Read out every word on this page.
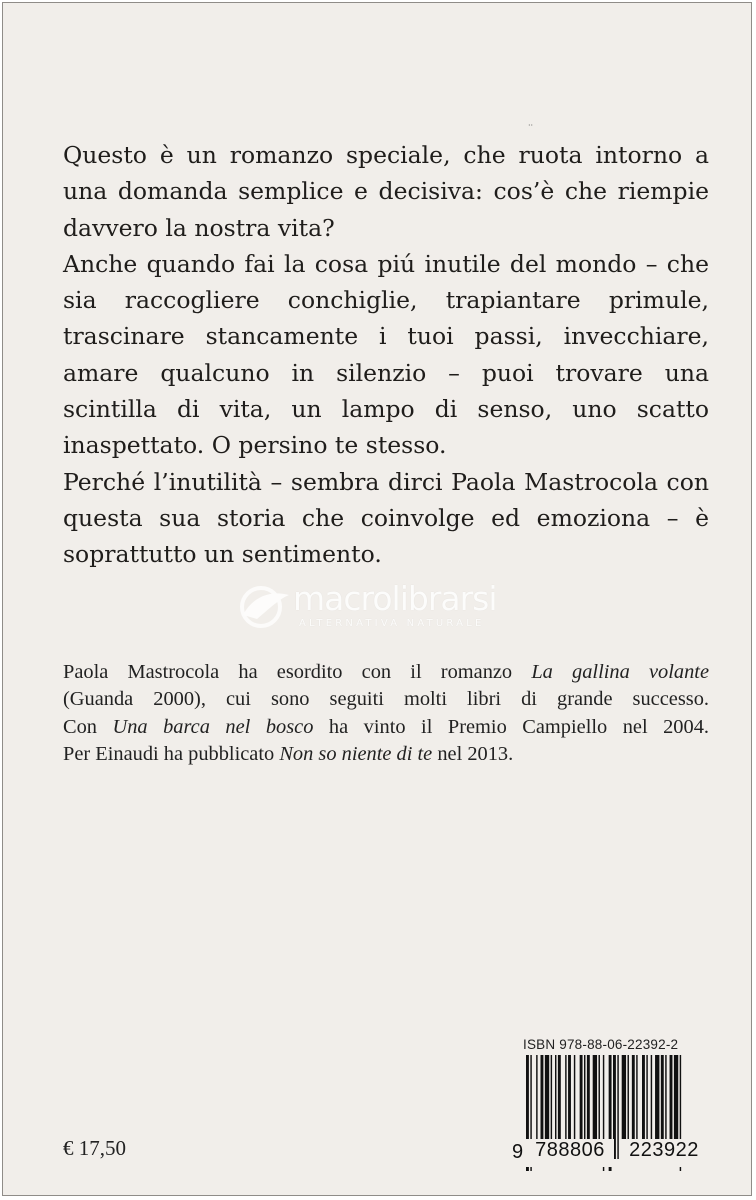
··

Questo è un romanzo speciale, che ruota intorno a una domanda semplice e decisiva: cos’è che riempie davvero la nostra vita?

Anche quando fai la cosa piú inutile del mondo – che sia raccogliere conchiglie, trapiantare primule, trascinare stancamente i tuoi passi, invecchiare, amare qualcuno in silenzio – puoi trovare una scintilla di vita, un lampo di senso, uno scatto inaspettato. O persino te stesso.

Perché l’inutilità – sembra dirci Paola Mastrocola con questa sua storia che coinvolge ed emoziona – è soprattutto un sentimento.

macrolibrarsi
ALTERNATIVA NATURALE
Paola Mastrocola ha esordito con il romanzo La gallina volante
(Guanda 2000), cui sono seguiti molti libri di grande successo.
Con Una barca nel bosco ha vinto il Premio Campiello nel 2004.
Per Einaudi ha pubblicato Non so niente di te nel 2013.
ISBN 978-88-06-22392-2
9 788806	223922
€ 17,50
